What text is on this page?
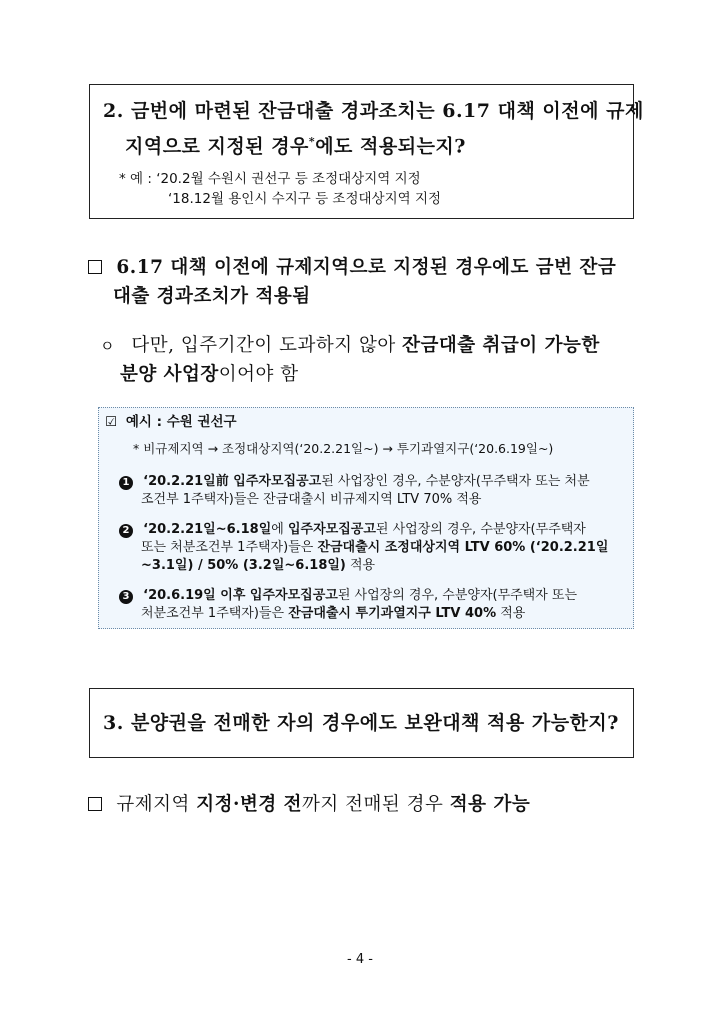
2. 금번에 마련된 잔금대출 경과조치는 6.17 대책 이전에 규제
지역으로 지정된 경우*에도 적용되는지?
* 예 : ‘20.2월 수원시 권선구 등 조정대상지역 지정
‘18.12월 용인시 수지구 등 조정대상지역 지정
6.17 대책 이전에 규제지역으로 지정된 경우에도 금번 잔금
대출 경과조치가 적용됨
ㅇ 다만, 입주기간이 도과하지 않아 잔금대출 취급이 가능한
분양 사업장이어야 함
☑ 예시 : 수원 권선구
* 비규제지역 → 조정대상지역(‘20.2.21일~) → 투기과열지구(‘20.6.19일~)
1 ‘20.2.21일前 입주자모집공고된 사업장인 경우, 수분양자(무주택자 또는 처분
조건부 1주택자)들은 잔금대출시 비규제지역 LTV 70% 적용
2 ‘20.2.21일~6.18일에 입주자모집공고된 사업장의 경우, 수분양자(무주택자
또는 처분조건부 1주택자)들은 잔금대출시 조정대상지역 LTV 60% (‘20.2.21일
~3.1일) / 50% (3.2일~6.18일) 적용
3 ‘20.6.19일 이후 입주자모집공고된 사업장의 경우, 수분양자(무주택자 또는
처분조건부 1주택자)들은 잔금대출시 투기과열지구 LTV 40% 적용
3. 분양권을 전매한 자의 경우에도 보완대책 적용 가능한지?
규제지역 지정·변경 전까지 전매된 경우 적용 가능
- 4 -
